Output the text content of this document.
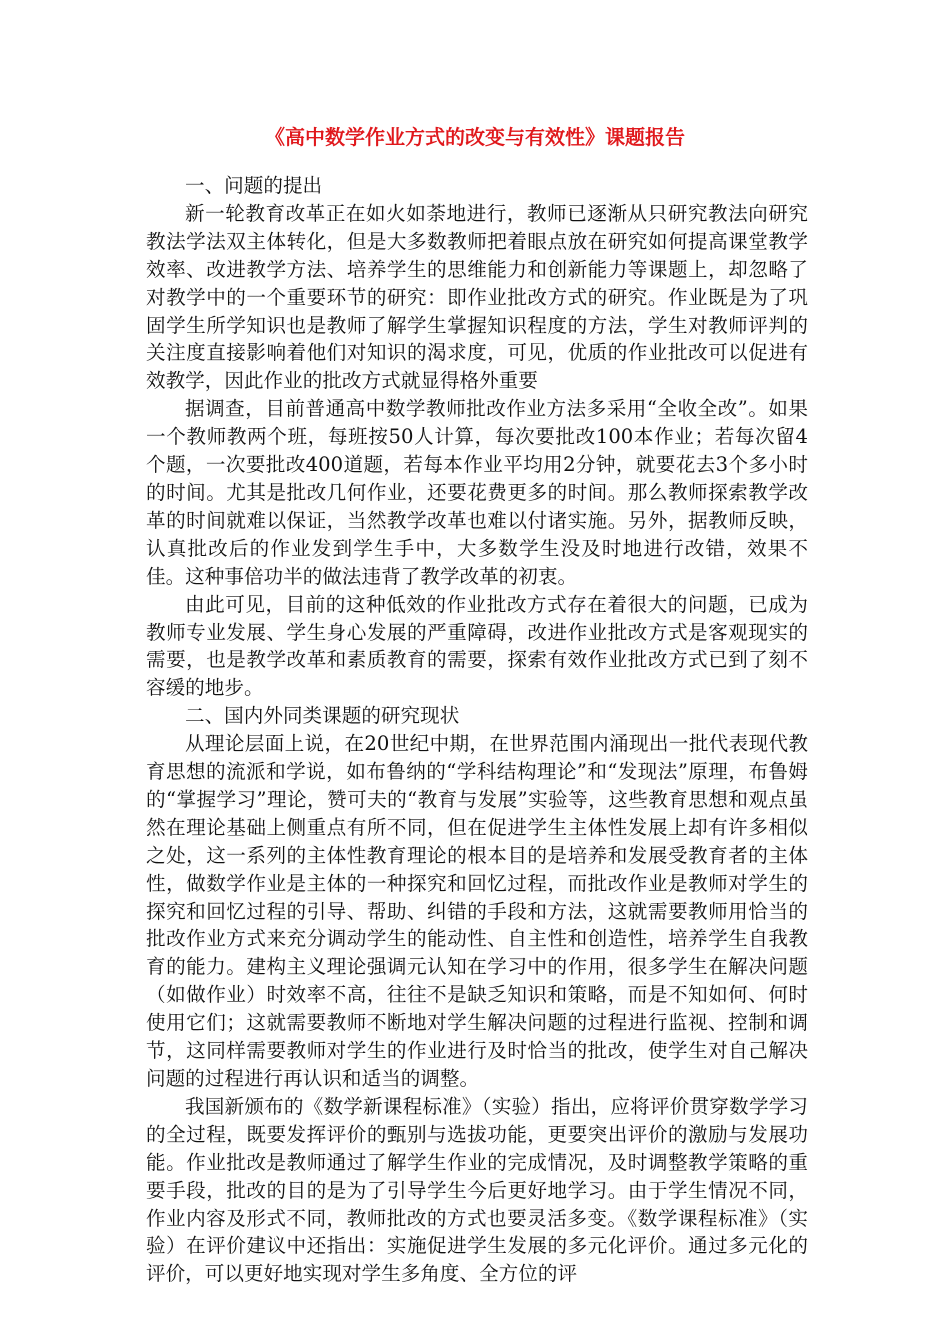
《高中数学作业方式的改变与有效性》课题报告

一、问题的提出

新一轮教育改革正在如火如荼地进行，教师已逐渐从只研究教法向研究教法学法双主体转化，但是大多数教师把着眼点放在研究如何提高课堂教学效率、改进教学方法、培养学生的思维能力和创新能力等课题上，却忽略了对教学中的一个重要环节的研究：即作业批改方式的研究。作业既是为了巩固学生所学知识也是教师了解学生掌握知识程度的方法，学生对教师评判的关注度直接影响着他们对知识的渴求度，可见，优质的作业批改可以促进有效教学，因此作业的批改方式就显得格外重要

据调查，目前普通高中数学教师批改作业方法多采用“全收全改”。如果一个教师教两个班，每班按50人计算，每次要批改100本作业；若每次留4个题，一次要批改400道题，若每本作业平均用2分钟，就要花去3个多小时的时间。尤其是批改几何作业，还要花费更多的时间。那么教师探索教学改革的时间就难以保证，当然教学改革也难以付诸实施。另外，据教师反映，认真批改后的作业发到学生手中，大多数学生没及时地进行改错，效果不佳。这种事倍功半的做法违背了教学改革的初衷。

由此可见，目前的这种低效的作业批改方式存在着很大的问题，已成为教师专业发展、学生身心发展的严重障碍，改进作业批改方式是客观现实的需要，也是教学改革和素质教育的需要，探索有效作业批改方式已到了刻不容缓的地步。

二、国内外同类课题的研究现状

从理论层面上说，在20世纪中期，在世界范围内涌现出一批代表现代教育思想的流派和学说，如布鲁纳的“学科结构理论”和“发现法”原理，布鲁姆的“掌握学习”理论，赞可夫的“教育与发展”实验等，这些教育思想和观点虽然在理论基础上侧重点有所不同，但在促进学生主体性发展上却有许多相似之处，这一系列的主体性教育理论的根本目的是培养和发展受教育者的主体性，做数学作业是主体的一种探究和回忆过程，而批改作业是教师对学生的探究和回忆过程的引导、帮助、纠错的手段和方法，这就需要教师用恰当的批改作业方式来充分调动学生的能动性、自主性和创造性，培养学生自我教育的能力。建构主义理论强调元认知在学习中的作用，很多学生在解决问题（如做作业）时效率不高，往往不是缺乏知识和策略，而是不知如何、何时使用它们；这就需要教师不断地对学生解决问题的过程进行监视、控制和调节，这同样需要教师对学生的作业进行及时恰当的批改，使学生对自己解决问题的过程进行再认识和适当的调整。

我国新颁布的《数学新课程标准》（实验）指出，应将评价贯穿数学学习的全过程，既要发挥评价的甄别与选拔功能，更要突出评价的激励与发展功能。作业批改是教师通过了解学生作业的完成情况，及时调整教学策略的重要手段，批改的目的是为了引导学生今后更好地学习。由于学生情况不同，作业内容及形式不同，教师批改的方式也要灵活多变。《数学课程标准》（实验）在评价建议中还指出：实施促进学生发展的多元化评价。通过多元化的评价，可以更好地实现对学生多角度、全方位的评
